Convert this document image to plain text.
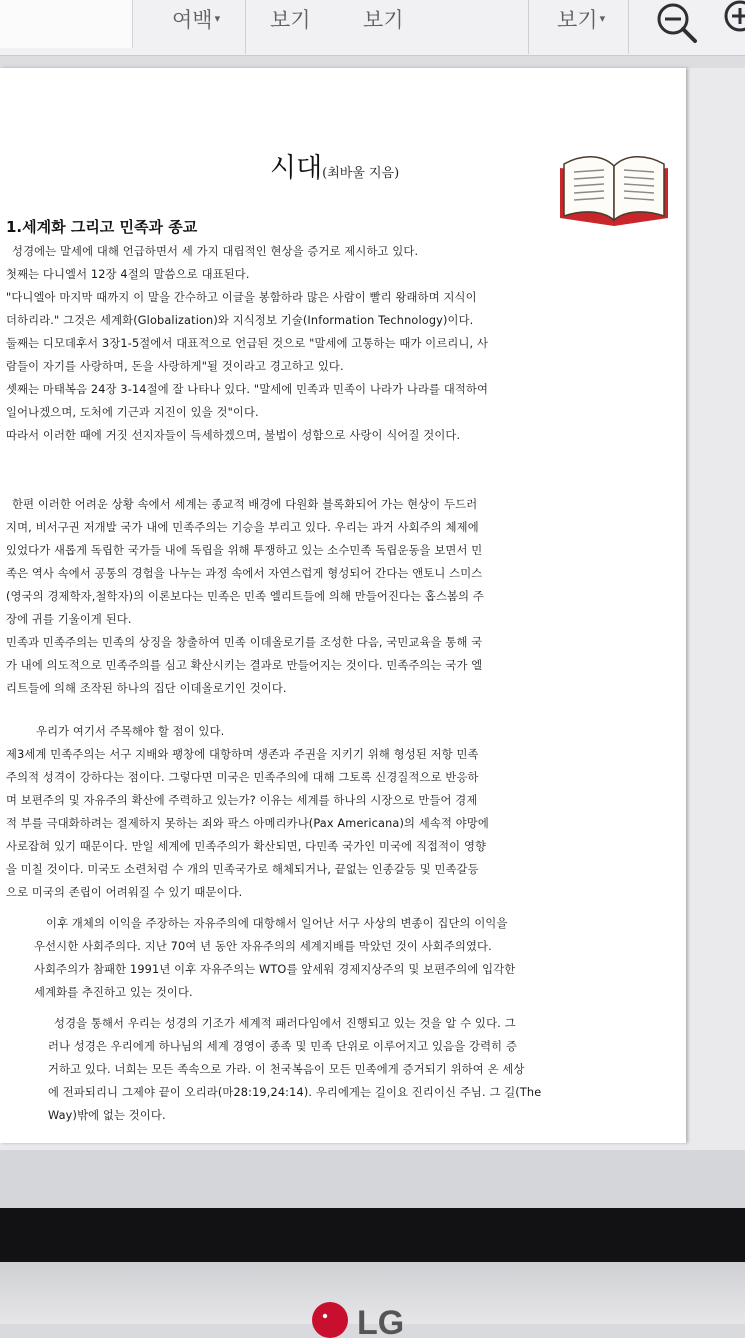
여백 ▾ 보기 보기	보기 ▾
시대(최바울 지음)
1.세계화 그리고 민족과 종교
성경에는 말세에 대해 언급하면서 세 가지 대립적인 현상을 증거로 제시하고 있다.
첫째는 다니엘서 12장 4절의 말씀으로 대표된다.
"다니엘아 마지막 때까지 이 말을 간수하고 이글을 봉함하라 많은 사람이 빨리 왕래하며 지식이
더하리라." 그것은 세계화(Globalization)와 지식정보 기술(Information Technology)이다.
둘째는 디모데후서 3장1-5절에서 대표적으로 언급된 것으로 "말세에 고통하는 때가 이르리니, 사
람들이 자기를 사랑하며, 돈을 사랑하게"될 것이라고 경고하고 있다.
셋째는 마태복음 24장 3-14절에 잘 나타나 있다. "말세에 민족과 민족이 나라가 나라를 대적하여
일어나겠으며, 도처에 기근과 지진이 있을 것"이다.
따라서 이러한 때에 거짓 선지자들이 득세하겠으며, 불법이 성함으로 사랑이 식어질 것이다.
한편 이러한 어려운 상황 속에서 세계는 종교적 배경에 다원화 블록화되어 가는 현상이 두드러
지며, 비서구권 저개발 국가 내에 민족주의는 기승을 부리고 있다. 우리는 과거 사회주의 체제에
있었다가 새롭게 독립한 국가들 내에 독립을 위해 투쟁하고 있는 소수민족 독립운동을 보면서 민
족은 역사 속에서 공통의 경험을 나누는 과정 속에서 자연스럽게 형성되어 간다는 앤토니 스미스
(영국의 경제학자,철학자)의 이론보다는 민족은 민족 엘리트들에 의해 만들어진다는 홉스봄의 주
장에 귀를 기울이게 된다.
민족과 민족주의는 민족의 상징을 창출하여 민족 이데올로기를 조성한 다음, 국민교육을 통해 국
가 내에 의도적으로 민족주의를 심고 확산시키는 결과로 만들어지는 것이다. 민족주의는 국가 엘
리트들에 의해 조작된 하나의 집단 이데올로기인 것이다.
우리가 여기서 주목해야 할 점이 있다.
제3세계 민족주의는 서구 지배와 팽창에 대항하며 생존과 주권을 지키기 위해 형성된 저항 민족
주의적 성격이 강하다는 점이다. 그렇다면 미국은 민족주의에 대해 그토록 신경질적으로 반응하
며 보편주의 및 자유주의 확산에 주력하고 있는가? 이유는 세계를 하나의 시장으로 만들어 경제
적 부를 극대화하려는 절제하지 못하는 죄와 팍스 아메리카나(Pax Americana)의 세속적 야망에
사로잡혀 있기 때문이다. 만일 세계에 민족주의가 확산되면, 다민족 국가인 미국에 직접적이 영향
을 미칠 것이다. 미국도 소련처럼 수 개의 민족국가로 해체되거나, 끝없는 인종갈등 및 민족갈등
으로 미국의 존립이 어려워질 수 있기 때문이다.
이후 개체의 이익을 주장하는 자유주의에 대항해서 일어난 서구 사상의 변종이 집단의 이익을
우선시한 사회주의다. 지난 70여 년 동안 자유주의의 세계지배를 막았던 것이 사회주의였다.
사회주의가 참패한 1991년 이후 자유주의는 WTO를 앞세워 경제지상주의 및 보편주의에 입각한
세계화를 추진하고 있는 것이다.
성경을 통해서 우리는 성경의 기조가 세계적 패러다임에서 진행되고 있는 것을 알 수 있다. 그
러나 성경은 우리에게 하나님의 세계 경영이 종족 및 민족 단위로 이루어지고 있음을 강력히 증
거하고 있다. 너희는 모든 족속으로 가라. 이 천국복음이 모든 민족에게 증거되기 위하여 온 세상
에 전파되리니 그제야 끝이 오리라(마28:19,24:14). 우리에게는 길이요 진리이신 주님. 그 길(The
Way)밖에 없는 것이다.
LG
